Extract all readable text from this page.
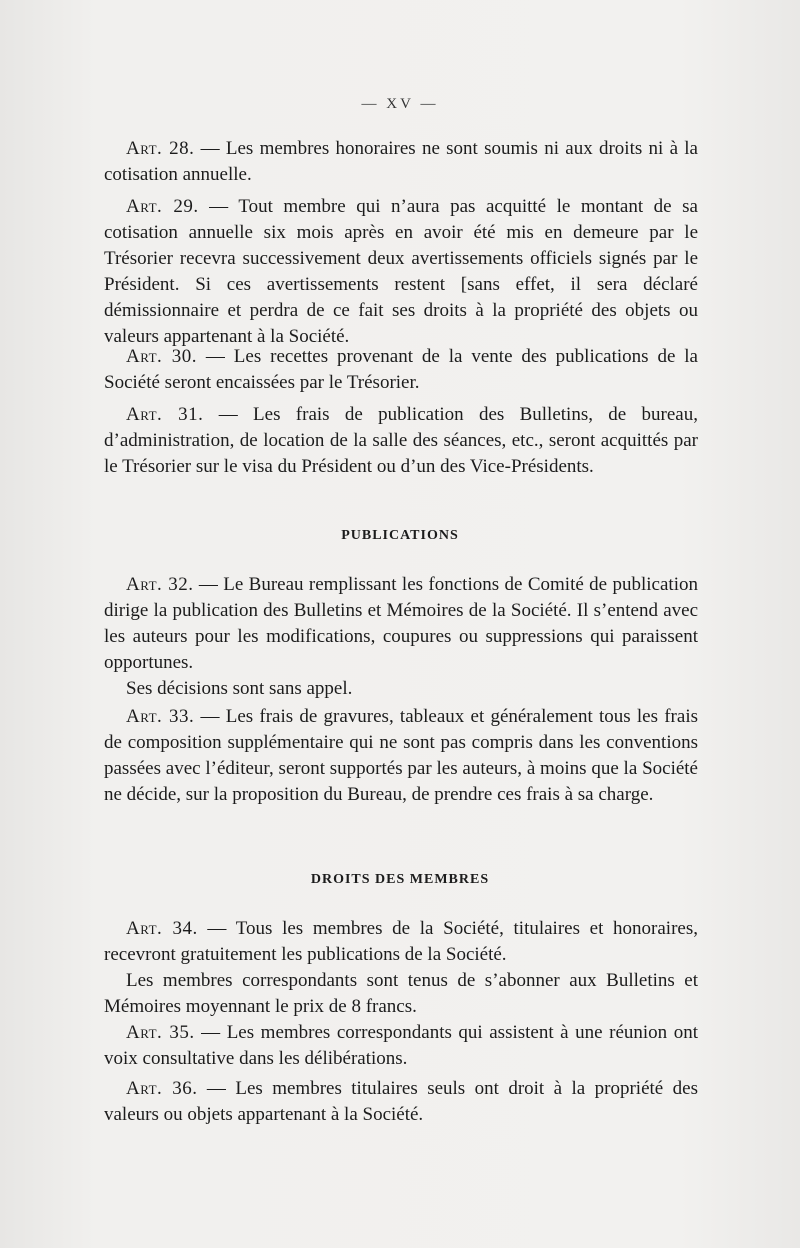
— XV —
Art. 28. — Les membres honoraires ne sont soumis ni aux droits ni à la cotisation annuelle.
Art. 29. — Tout membre qui n’aura pas acquitté le montant de sa cotisation annuelle six mois après en avoir été mis en demeure par le Trésorier recevra successivement deux avertissements officiels signés par le Président. Si ces avertissements restent [sans effet, il sera déclaré démissionnaire et perdra de ce fait ses droits à la propriété des objets ou valeurs appartenant à la Société.
Art. 30. — Les recettes provenant de la vente des publications de la Société seront encaissées par le Trésorier.
Art. 31. — Les frais de publication des Bulletins, de bureau, d’administration, de location de la salle des séances, etc., seront acquittés par le Trésorier sur le visa du Président ou d’un des Vice-Présidents.
PUBLICATIONS
Art. 32. — Le Bureau remplissant les fonctions de Comité de publication dirige la publication des Bulletins et Mémoires de la Société. Il s’entend avec les auteurs pour les modifications, coupures ou suppressions qui paraissent opportunes.
Ses décisions sont sans appel.
Art. 33. — Les frais de gravures, tableaux et généralement tous les frais de composition supplémentaire qui ne sont pas compris dans les conventions passées avec l’éditeur, seront supportés par les auteurs, à moins que la Société ne décide, sur la proposition du Bureau, de prendre ces frais à sa charge.
DROITS DES MEMBRES
Art. 34. — Tous les membres de la Société, titulaires et honoraires, recevront gratuitement les publications de la Société.
Les membres correspondants sont tenus de s’abonner aux Bulletins et Mémoires moyennant le prix de 8 francs.
Art. 35. — Les membres correspondants qui assistent à une réunion ont voix consultative dans les délibérations.
Art. 36. — Les membres titulaires seuls ont droit à la propriété des valeurs ou objets appartenant à la Société.
